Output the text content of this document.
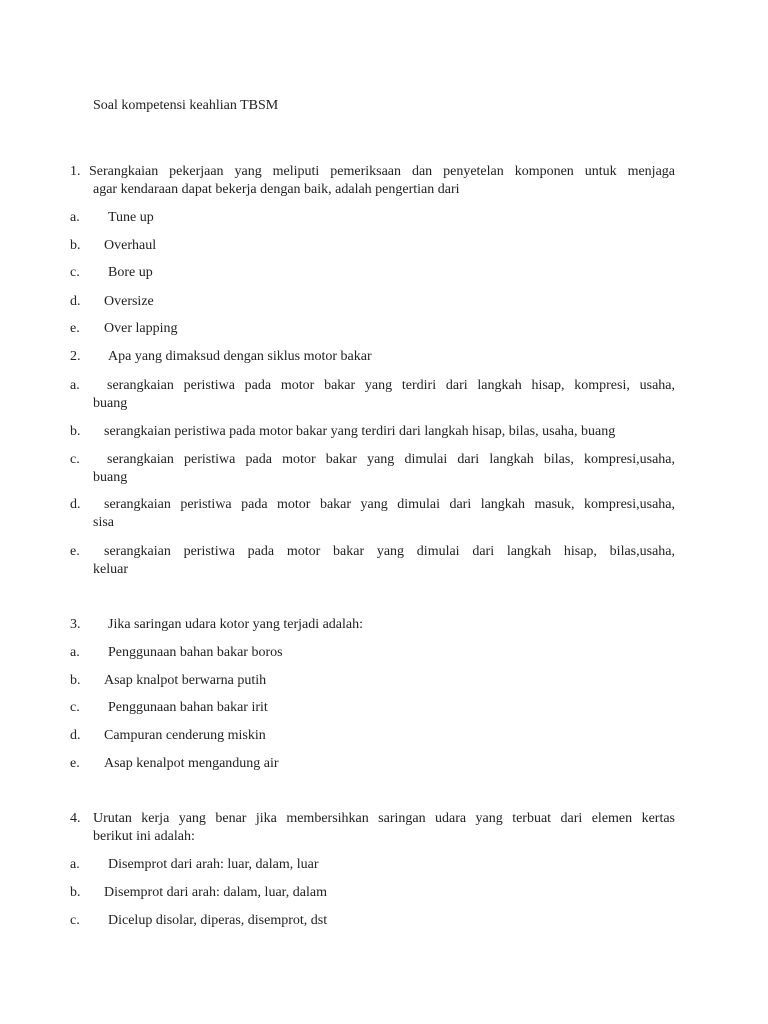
Soal kompetensi keahlian TBSM
1. Serangkaian pekerjaan yang meliputi pemeriksaan dan penyetelan komponen untuk menjaga
agar kendaraan dapat bekerja dengan baik, adalah pengertian dari
a. Tune up
b. Overhaul
c. Bore up
d. Oversize
e. Over lapping
2. Apa yang dimaksud dengan siklus motor bakar
a. serangkaian peristiwa pada motor bakar yang terdiri dari langkah hisap, kompresi, usaha,
buang
b. serangkaian peristiwa pada motor bakar yang terdiri dari langkah hisap, bilas, usaha, buang
c. serangkaian peristiwa pada motor bakar yang dimulai dari langkah bilas, kompresi,usaha,
buang
d. serangkaian peristiwa pada motor bakar yang dimulai dari langkah masuk, kompresi,usaha,
sisa
e. serangkaian peristiwa pada motor bakar yang dimulai dari langkah hisap, bilas,usaha,
keluar
3. Jika saringan udara kotor yang terjadi adalah:
a. Penggunaan bahan bakar boros
b. Asap knalpot berwarna putih
c. Penggunaan bahan bakar irit
d. Campuran cenderung miskin
e. Asap kenalpot mengandung air
4. Urutan kerja yang benar jika membersihkan saringan udara yang terbuat dari elemen kertas
berikut ini adalah:
a. Disemprot dari arah: luar, dalam, luar
b. Disemprot dari arah: dalam, luar, dalam
c. Dicelup disolar, diperas, disemprot, dst
